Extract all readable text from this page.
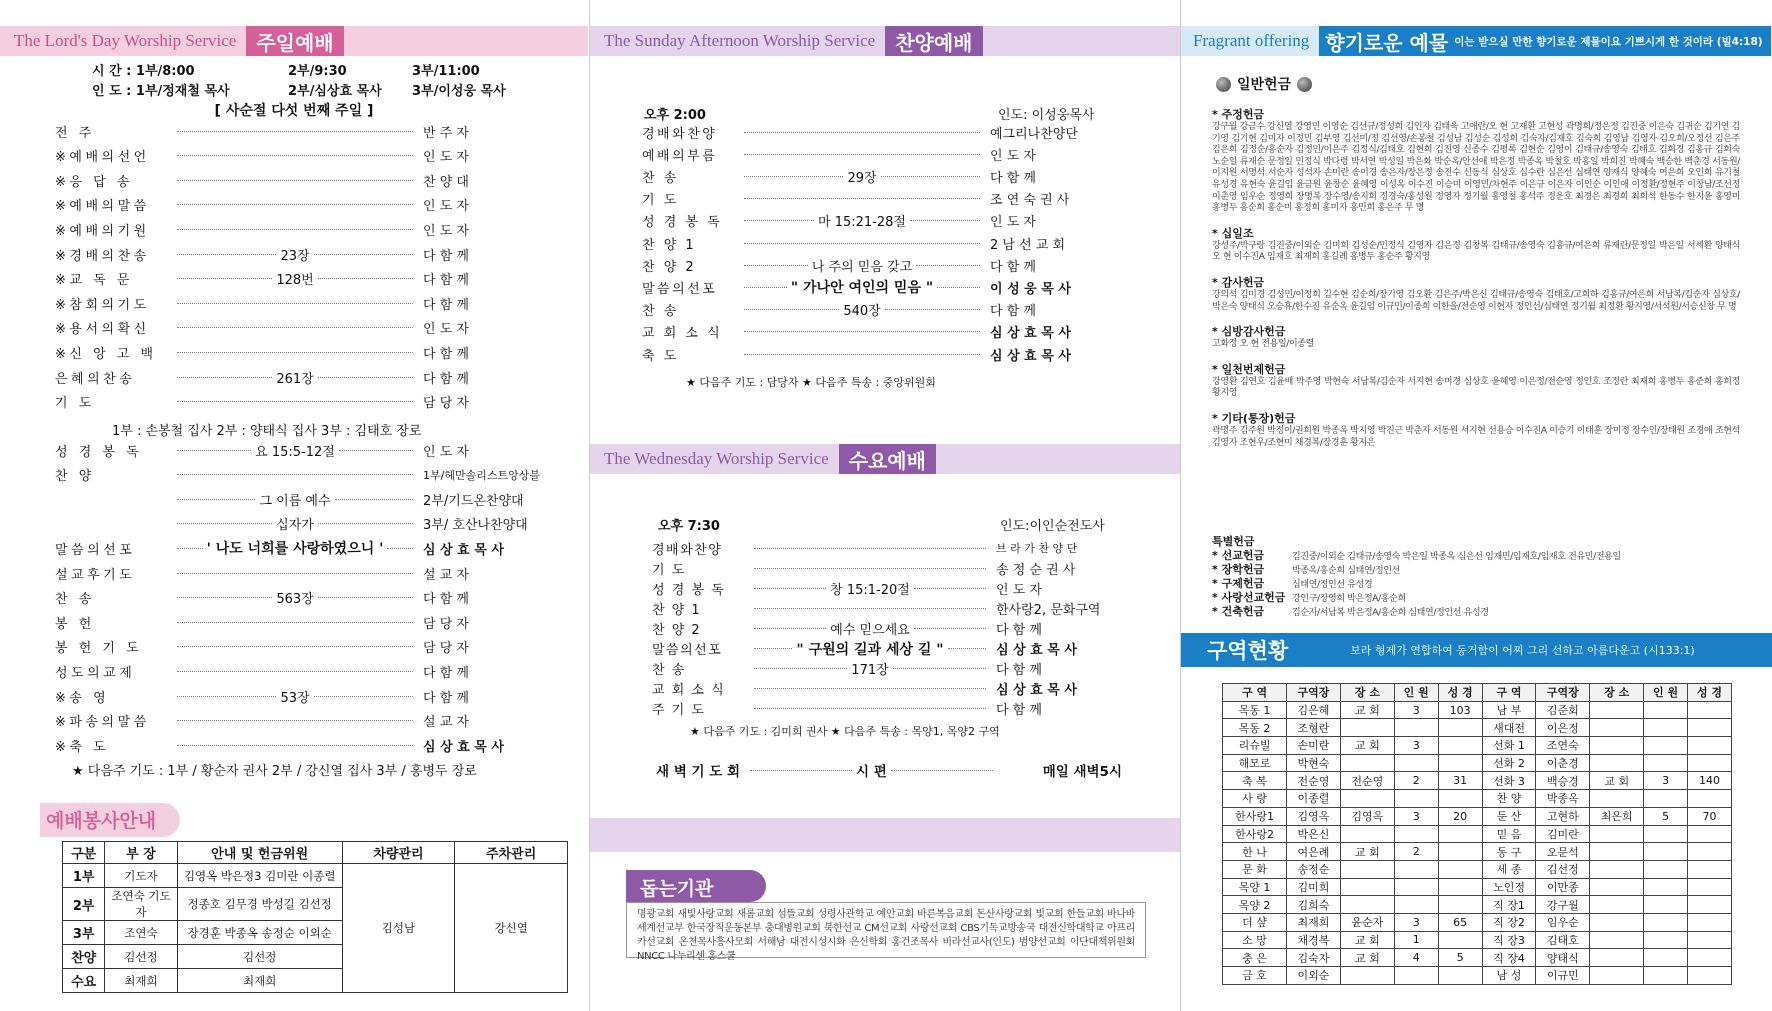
The Lord's Day Worship Service	주일예배
시 간 : 1부/8:00	2부/9:30	3부/11:00
인 도 : 1부/정재철 목사	2부/심상효 목사 3부/이성웅 목사
[ 사순절 다섯 번째 주일 ]
전 주	반 주 자
※예배의선언	인 도 자
※응 답 송	찬 양 대
※예배의말씀	인 도 자
※예배의기원	인 도 자
※경배의찬송	23장	다 함 께
※교 독 문	128번	다 함 께
※참회의기도	다 함 께
※용서의확신	인 도 자
※신 앙 고 백	다 함 께
은혜의찬송	261장	다 함 께
기 도	담 당 자
1부 : 손봉철 집사 2부 : 양태식 집사 3부 : 김태호 장로
성 경 봉 독	요 15:5-12절	인 도 자
찬 양	1부/헤만솔리스트앙상블
그 이름 예수	2부/기드온찬양대
십자가	3부/ 호산나찬양대
말씀의선포	' 나도 너희를 사랑하였으니 '	심 상 효 목 사
설교후기도	설 교 자
찬 송	563장	다 함 께
봉 헌	담 당 자
봉 헌 기 도	담 당 자
성도의교제	다 함 께
※송 영	53장	다 함 께
※파송의말씀	설 교 자
※축 도	심 상 효 목 사
★ 다음주 기도 : 1부 / 황순자 권사 2부 / 강신열 집사 3부 / 홍병두 장로
예배봉사안내
구분	부 장	안내 및 헌금위원	차량관리	주차관리
1부	기도자	김영옥 박은정3 김미란 이종렬	김성남	강신열
2부	조연숙 기도자	정종호 김무경 박성길 김선정		
3부	조연숙	장경훈 박종옥 송정순 이외순		
찬양	김선정	김선정		
수요	최재희	최재희		
The Sunday Afternoon Worship Service	찬양예배
오후 2:00	인도: 이성웅목사
경배와찬양	예그리나찬양단
예배의부름	인 도 자
찬 송	29장	다 함 께
기 도	조 연 숙 권 사
성 경 봉 독	마 15:21-28절	인 도 자
찬 양 1	2 남 선 교 회
찬 양 2	나 주의 믿음 갖고	다 함 께
말씀의선포	" 가나안 여인의 믿음 "	이 성 웅 목 사
찬 송	540장	다 함 께
교 회 소 식	심 상 효 목 사
축 도	심 상 효 목 사
★ 다음주 기도 : 담당자 ★ 다음주 특송 : 중앙위원회
The Wednesday Worship Service	수요예배
오후 7:30	인도:이인순전도사
경배와찬양	브 라 가 찬 양 단
기 도	송 정 순 권 사
성 경 봉 독	창 15:1-20절	인 도 자
찬 양 1	한사랑2, 문화구역
찬 양 2	예수 믿으세요	다 함 께
말씀의선포	" 구원의 길과 세상 길 "	심 상 효 목 사
찬 송	171장	다 함 께
교 회 소 식	심 상 효 목 사
주 기 도	다 함 께
★ 다음주 기도 : 김미희 권사 ★ 다음주 특송 : 목양1, 목양2 구역
새 벽 기 도 회	시 편	매일 새벽5시
돕는기관
명광교회 새빛사랑교회 새롬교회 섬뜰교회 성령사관학교 예안교회 바른복음교회 돈산사랑교회 빛교회 한들교회 바나바 세계선교부 한국장직운동본부 충대병원교회 북한선교 CM선교회 사랑선교회 CBS기독교방송국 대전신학대학교 아프리카선교회 온천목사흥사모회 서해남 대전시성시화 은신학회 홍건조목사 비라선교사(인도) 범양선교회 이단대책위원회 NNCC 나누리센 홍스쿨
Fragrant offering 향기로운 예물 이는 받으실 만한 향기로운 제물이요 기쁘시게 한 것이라 (빌4:18)
일반헌금
* 주정헌금
강구월 강금수 강신열 강영민 이영순 김선규/정성희 김인자 김태욱 고애란/오 현 고재환 고현성 곽명희/정은정 김진중 이은숙 김귀순 김기연 김기영 김기현 김미자 이정민 김부영 김선미/정 김선영/손봉철 김성남 김성순 김성희 김숙자/김재호 김숙희 김영남 김영자 김오희/오정선 김은주 김은희 김정순/홍순자 김정민/이은주 김정식/김태호 김현희 김진영 신종수 김평록 김현순 김영이 김태규/송영숙 김태호 김희경 김홍규 김희숙 노순일 류재순 문정일 민정식 박다령 박서연 박성일 박은화 박순옥/안선애 박은정 박종옥 박철호 박홍일 박희진 박혜숙 백승한 백춘경 서동원/이지원 서명석 서순자 성석자 손미란 송이경 송은자/장은정 송진수 신동식 심상호 심수란 심은선 심태연 양재식 양혜숙 여은희 오인희 유기철 유성경 유현숙 윤길임 윤금원 윤창순 윤혜영 이성옥 이수진 이승미 이영민/차현주 이은규 이은자 이인순 이인애 이정환/정현주 이창남/조선정 이춘영 임우순 정영희 장명복 장수영/송지희 정경숙/홍성원 정영자 정기월 홍영철 홍석주 정운호 최경은 최경희 최희석 한동수 한지윤 홍영미 홍병두 홍순희 홍순미 홍정희 홍미자 홍민희 홍은주 무 명
* 십일조
강성주/박구랑 김진중/이외순 김미희 김성순/민정식 김영자 김은정 김창복 김태규/송영숙 김홍규/여은희 류재란/문정일 박은일 서세환 양태식 오 현 이수진A 임재호 최재희 홍길례 홍병두 홍순주 황지영
* 감사헌금
강의석 김미경 김성민/이정희 김수현 김순희/장기영 김오환 김은주/박은신 김태규/송영숙 김태호/고희하 김홍규/여은희 서남복/김순자 심상호/박은숙 양태식 오승휴/한수진 유순옥 윤길임 이규민/이종희 이한을/전순영 이현자 정인선/심태연 정기월 최정환 황지영/서석원/서승신창 무 명
* 심방감사헌금
고화정 오 현 전용일/이종렬
* 일천번제헌금
강영환 김연호 김윤배 박주영 박현숙 서남복/김순자 서지현 송미경 심상호 윤혜영 이은정/전순영 정인호 조정란 최재희 홍병두 홍준희 홍희정 황지영
* 기타(통장)헌금
곽명주 김주원 박정이/권희원 박종옥 박지영 박진근 박춘자 서동원 서지현 선용승 이수진A 이승기 이태훈 장미정 장수인/장태원 조경애 조현석 김영자 조현우/조현미 채경복/장경훈 황지은
특별헌금
* 선교헌금	김진중/이외순 김태규/송영숙 박은일 박종옥 심은선 임재민/임재호/임재호 전유민/전용일
* 장학헌금	박종옥/홍순희 심태연/정인선
* 구제헌금	심태연/정인선 유성경
* 사랑선교헌금 강인구/장영희 박은정A/홍순희
* 건축헌금	김순자/서남복 박은정A/홍순희 심태연/정인선 유성경
구역현황	보라 형제가 연합하여 동거함이 어찌 그리 선하고 아름다운고 (시133:1)
구 역	구역장	장 소	인 원	성 경	구 역	구역장	장 소	인 원	성 경
목동 1	김은혜	교 회	3	103	남 부	김준회			
목동 2	조형란				새대전	이은정			
리슈빌	손미란	교 회	3		선화 1	조연숙			
해모로	박현숙				선화 2	이춘경			
축 복	전순영	전순영	2	31	선화 3	백승경	교 회	3	140
사 랑	이종렬				찬 양	박종옥			
한사랑1	김영옥	김영옥	3	20	둔 산	고현하	최은희	5	70
한사랑2	박은신				믿 음	김미란			
한 나	여은례	교 회	2		동 구	오문석			
문 화	송정순				세 종	김선정			
목양 1	김미희				노인정	이만종			
목양 2	김희숙				직 장1	강구월			
더 샾	최재희	윤순자	3	65	직 장2	임우순			
소 망	채경복	교 회	1		직 장3	김태호			
충 은	김숙자	교 회	4	5	직 장4	양태식			
금 호	이외순				남 성	이규민			
